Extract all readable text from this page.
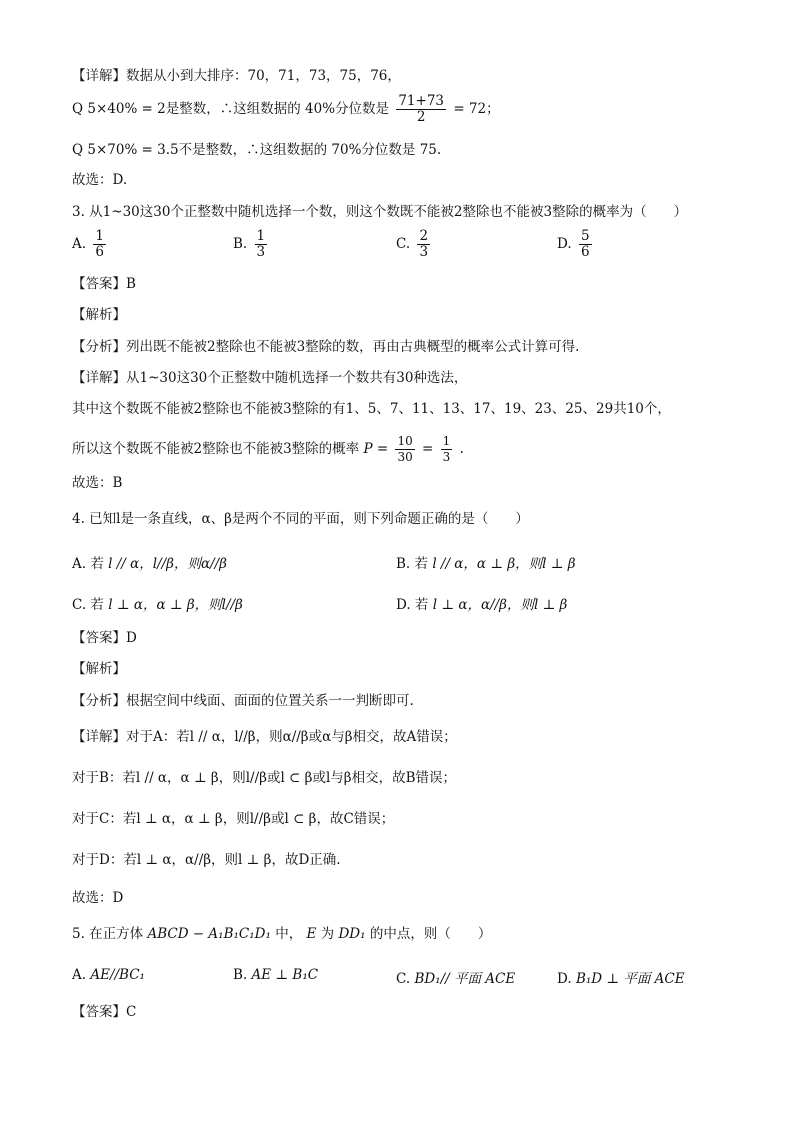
【详解】数据从小到大排序：70，71，73，75，76，
Q 5×40% = 2是整数，∴这组数据的 40%分位数是 $\frac{71+73}{2} = 72$；
Q 5×70% = 3.5不是整数，∴这组数据的 70%分位数是 75.
故选：D.
3. 从1~30这30个正整数中随机选择一个数，则这个数既不能被2整除也不能被3整除的概率为（　　）
A. $\frac{1}{6}$	B. $\frac{1}{3}$	C. $\frac{2}{3}$	D. $\frac{5}{6}$
【答案】B
【解析】
【分析】列出既不能被2整除也不能被3整除的数，再由古典概型的概率公式计算可得.
【详解】从1~30这30个正整数中随机选择一个数共有30种选法，
其中这个数既不能被2整除也不能被3整除的有1、5、7、11、13、17、19、23、25、29共10个，
所以这个数既不能被2整除也不能被3整除的概率 $P = \frac{10}{30} = \frac{1}{3}$ .
故选：B
4. 已知l是一条直线，α、β是两个不同的平面，则下列命题正确的是（　　）
A. 若 l // α，l//β，则α//β	B. 若 l // α，α ⊥ β，则l ⊥ β
C. 若 l ⊥ α，α ⊥ β，则l//β	D. 若 l ⊥ α，α//β，则l ⊥ β
【答案】D
【解析】
【分析】根据空间中线面、面面的位置关系一一判断即可.
【详解】对于A：若l // α，l//β，则α//β或α与β相交，故A错误；
对于B：若l // α，α ⊥ β，则l//β或l ⊂ β或l与β相交，故B错误；
对于C：若l ⊥ α，α ⊥ β，则l//β或l ⊂ β，故C错误；
对于D：若l ⊥ α，α//β，则l ⊥ β，故D正确.
故选：D
5. 在正方体 ABCD − A₁B₁C₁D₁ 中， E 为 DD₁ 的中点，则（　　）
A. AE//BC₁	B. AE ⊥ B₁C	C. BD₁// 平面 ACE	D. B₁D ⊥ 平面 ACE
【答案】C
